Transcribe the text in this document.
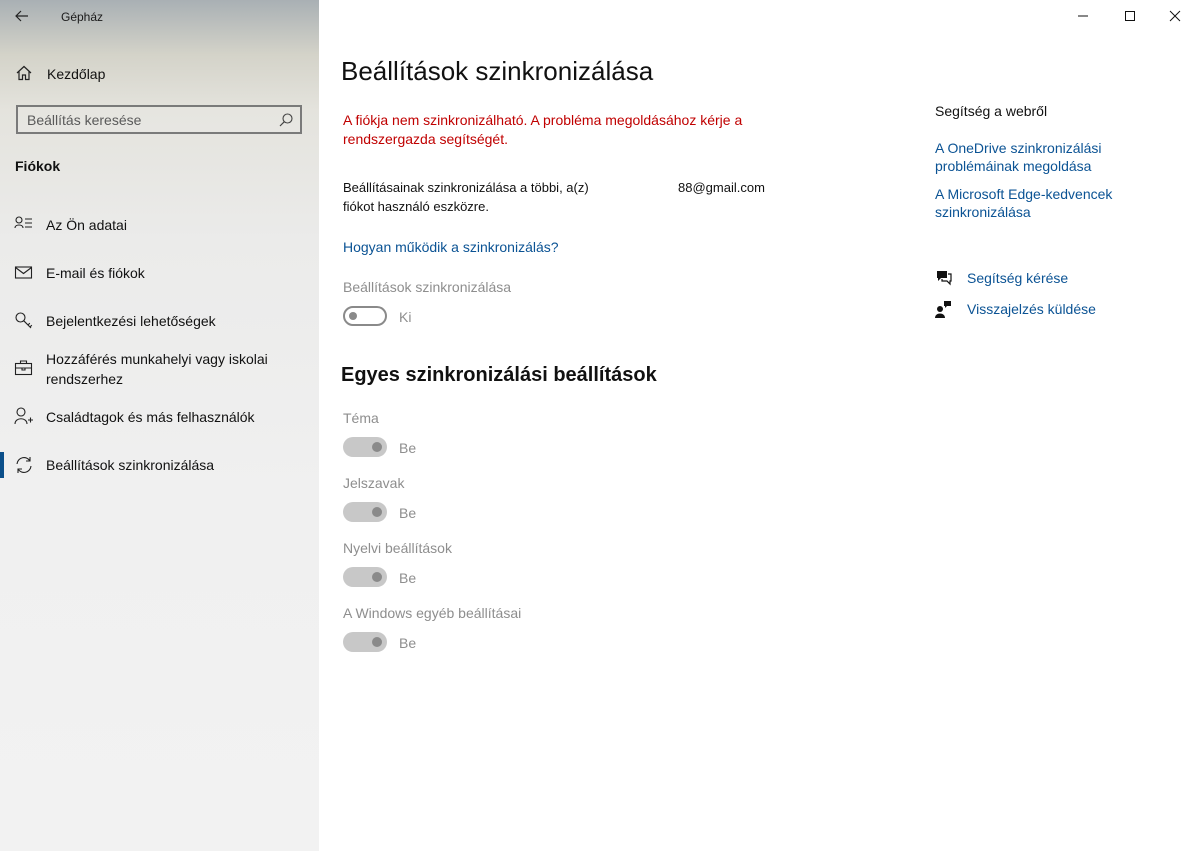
Gépház
Kezdőlap
Beállítás keresése
Fiókok
Az Ön adatai
E-mail és fiókok
Bejelentkezési lehetőségek
Hozzáférés munkahelyi vagy iskolai
rendszerhez
Családtagok és más felhasználók
Beállítások szinkronizálása
Beállítások szinkronizálása
A fiókja nem szinkronizálható. A probléma megoldásához kérje a
rendszergazda segítségét.
Beállításainak szinkronizálása a többi, a(z)
fiókot használó eszközre.
88@gmail.com
Hogyan működik a szinkronizálás?
Beállítások szinkronizálása
Ki
Egyes szinkronizálási beállítások
Téma
Be
Jelszavak
Be
Nyelvi beállítások
Be
A Windows egyéb beállításai
Be
Segítség a webről
A OneDrive szinkronizálási
problémáinak megoldása
A Microsoft Edge-kedvencek
szinkronizálása
Segítség kérése
Visszajelzés küldése
